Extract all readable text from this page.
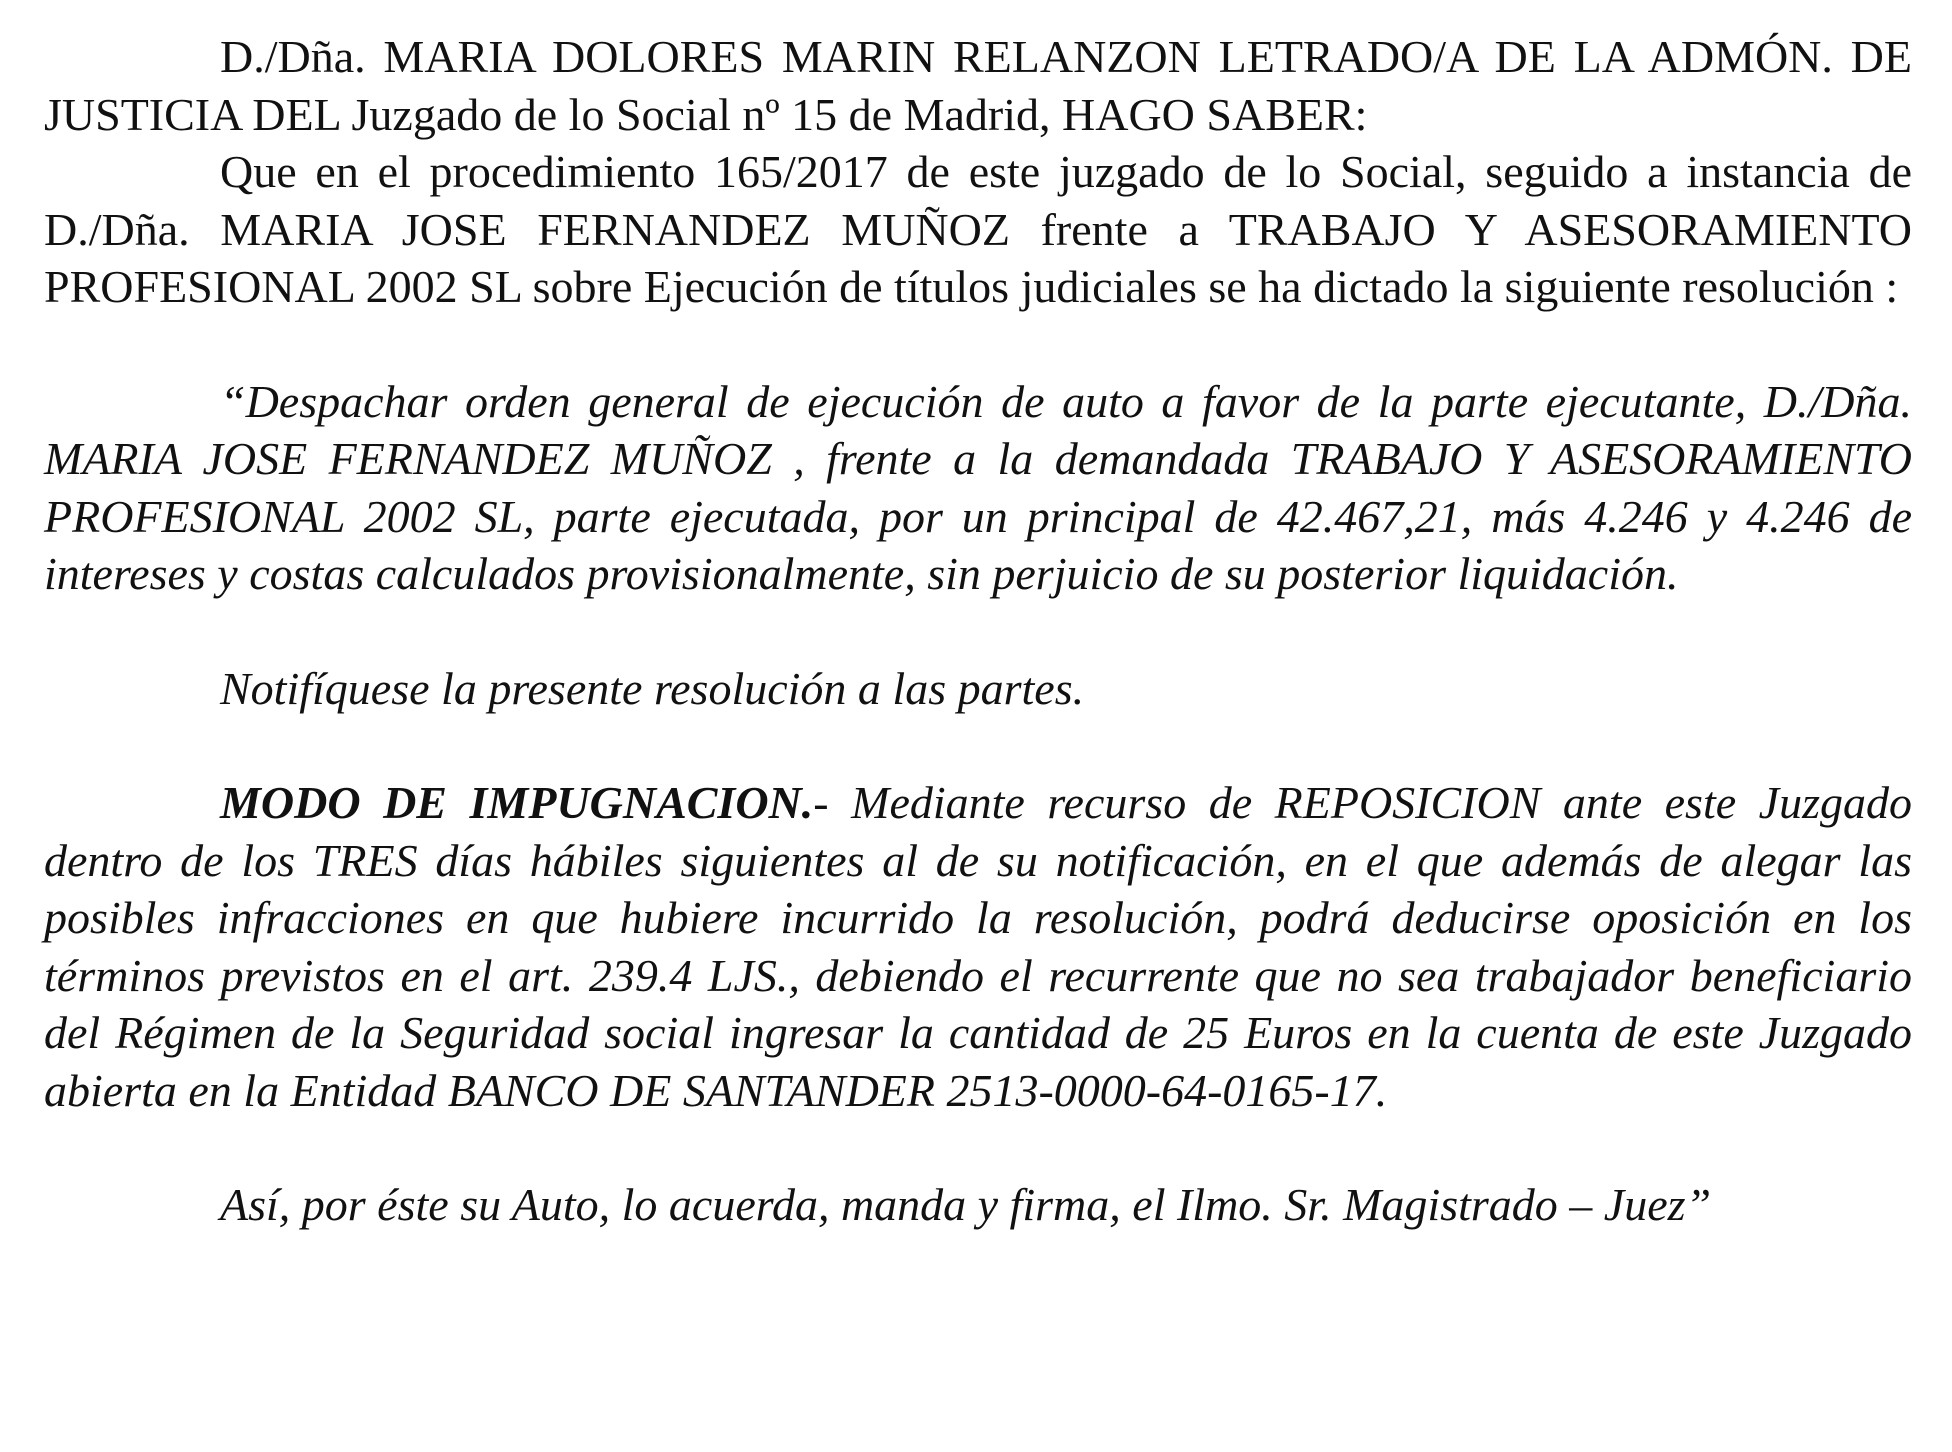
D./Dña. MARIA DOLORES MARIN RELANZON LETRADO/A DE LA ADMÓN. DE JUSTICIA DEL Juzgado de lo Social nº 15 de Madrid, HAGO SABER:

Que en el procedimiento 165/2017 de este juzgado de lo Social, seguido a instancia de D./Dña. MARIA JOSE FERNANDEZ MUÑOZ frente a TRABAJO Y ASESORAMIENTO PROFESIONAL 2002 SL sobre Ejecución de títulos judiciales se ha dictado la siguiente resolución :

“Despachar orden general de ejecución de auto a favor de la parte ejecutante, D./Dña. MARIA JOSE FERNANDEZ MUÑOZ , frente a la demandada TRABAJO Y ASESORAMIENTO PROFESIONAL 2002 SL, parte ejecutada, por un principal de 42.467,21, más 4.246 y 4.246 de intereses y costas calculados provisionalmente, sin perjuicio de su posterior liquidación.

Notifíquese la presente resolución a las partes.

MODO DE IMPUGNACION.- Mediante recurso de REPOSICION ante este Juzgado dentro de los TRES días hábiles siguientes al de su notificación, en el que además de alegar las posibles infracciones en que hubiere incurrido la resolución, podrá deducirse oposición en los términos previstos en el art. 239.4 LJS., debiendo el recurrente que no sea trabajador beneficiario del Régimen de la Seguridad social ingresar la cantidad de 25 Euros en la cuenta de este Juzgado abierta en la Entidad BANCO DE SANTANDER 2513-0000-64-0165-17.

Así, por éste su Auto, lo acuerda, manda y firma, el Ilmo. Sr. Magistrado – Juez”
